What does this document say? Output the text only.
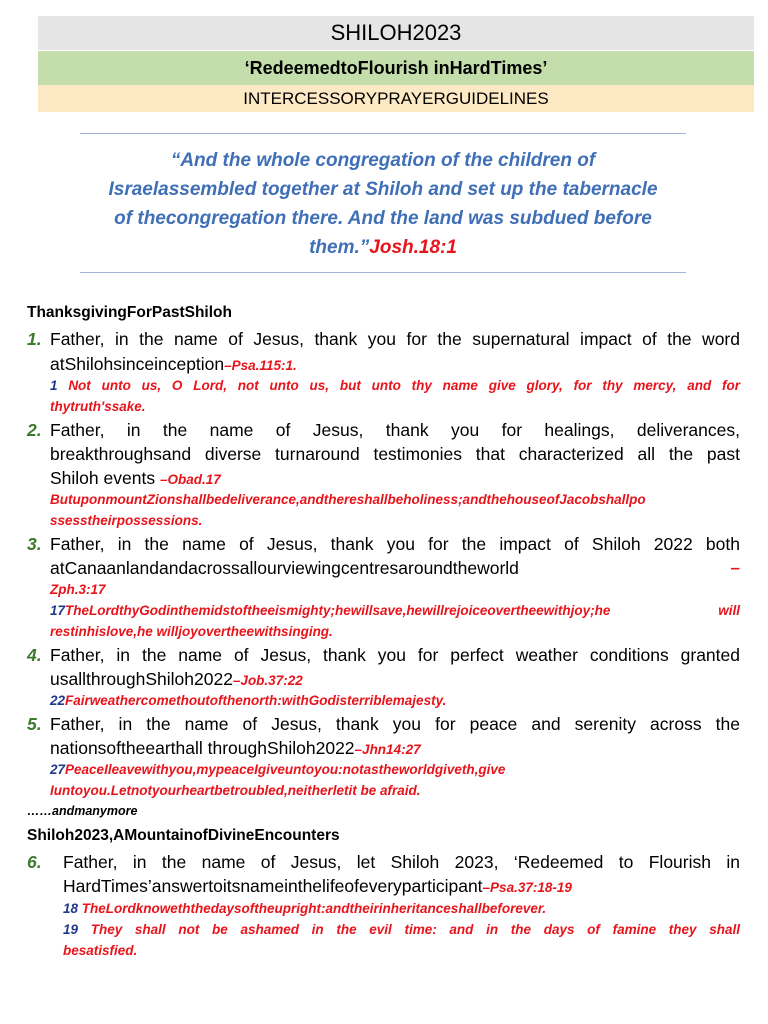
SHILOH2023
‘RedeemedtoFlourish inHardTimes’
INTERCESSORYPRAYERGUIDELINES
“And the whole congregation of the children of
Israelassembled together at Shiloh and set up the tabernacle
of thecongregation there. And the land was subdued before
them.”Josh.18:1
ThanksgivingForPastShiloh
1. Father, in the name of Jesus, thank you for the supernatural impact of the word
atShilohsinceinception–Psa.115:1.
1 Not unto us, O Lord, not unto us, but unto thy name give glory, for thy mercy, and for
thytruth'ssake.
2. Father, in the name of Jesus, thank you for healings, deliverances,
breakthroughsand diverse turnaround testimonies that characterized all the past
Shiloh events –Obad.17
ButuponmountZionshallbedeliverance,andthereshallbeholiness;andthehouseofJacobshallpo
ssesstheirpossessions.
3. Father, in the name of Jesus, thank you for the impact of Shiloh 2022 both
atCanaanlandandacrossallourviewingcentresaroundtheworld	–
Zph.3:17
17TheLordthyGodinthemidstoftheeismighty;hewillsave,hewillrejoiceovertheewithjoy;he will
restinhislove,he willjoyovertheewithsinging.
4. Father, in the name of Jesus, thank you for perfect weather conditions granted
usallthroughShiloh2022–Job.37:22
22Fairweathercomethoutofthenorth:withGodisterriblemajesty.
5. Father, in the name of Jesus, thank you for peace and serenity across the
nationsoftheearthall throughShiloh2022–Jhn14:27
27PeaceIleavewithyou,mypeaceIgiveuntoyou:notastheworldgiveth,give
Iuntoyou.Letnotyourheartbetroubled,neitherletit be afraid.
……andmanymore
Shiloh2023,AMountainofDivineEncounters
6. Father, in the name of Jesus, let Shiloh 2023, ‘Redeemed to Flourish in
HardTimes’answertoitsnameinthelifeofeveryparticipant–Psa.37:18-19
18 TheLordknowe​ththedaysoftheupright:andtheirinheritanceshallbeforever.
19 They shall not be ashamed in the evil time: and in the days of famine they shall
besatisfied.
